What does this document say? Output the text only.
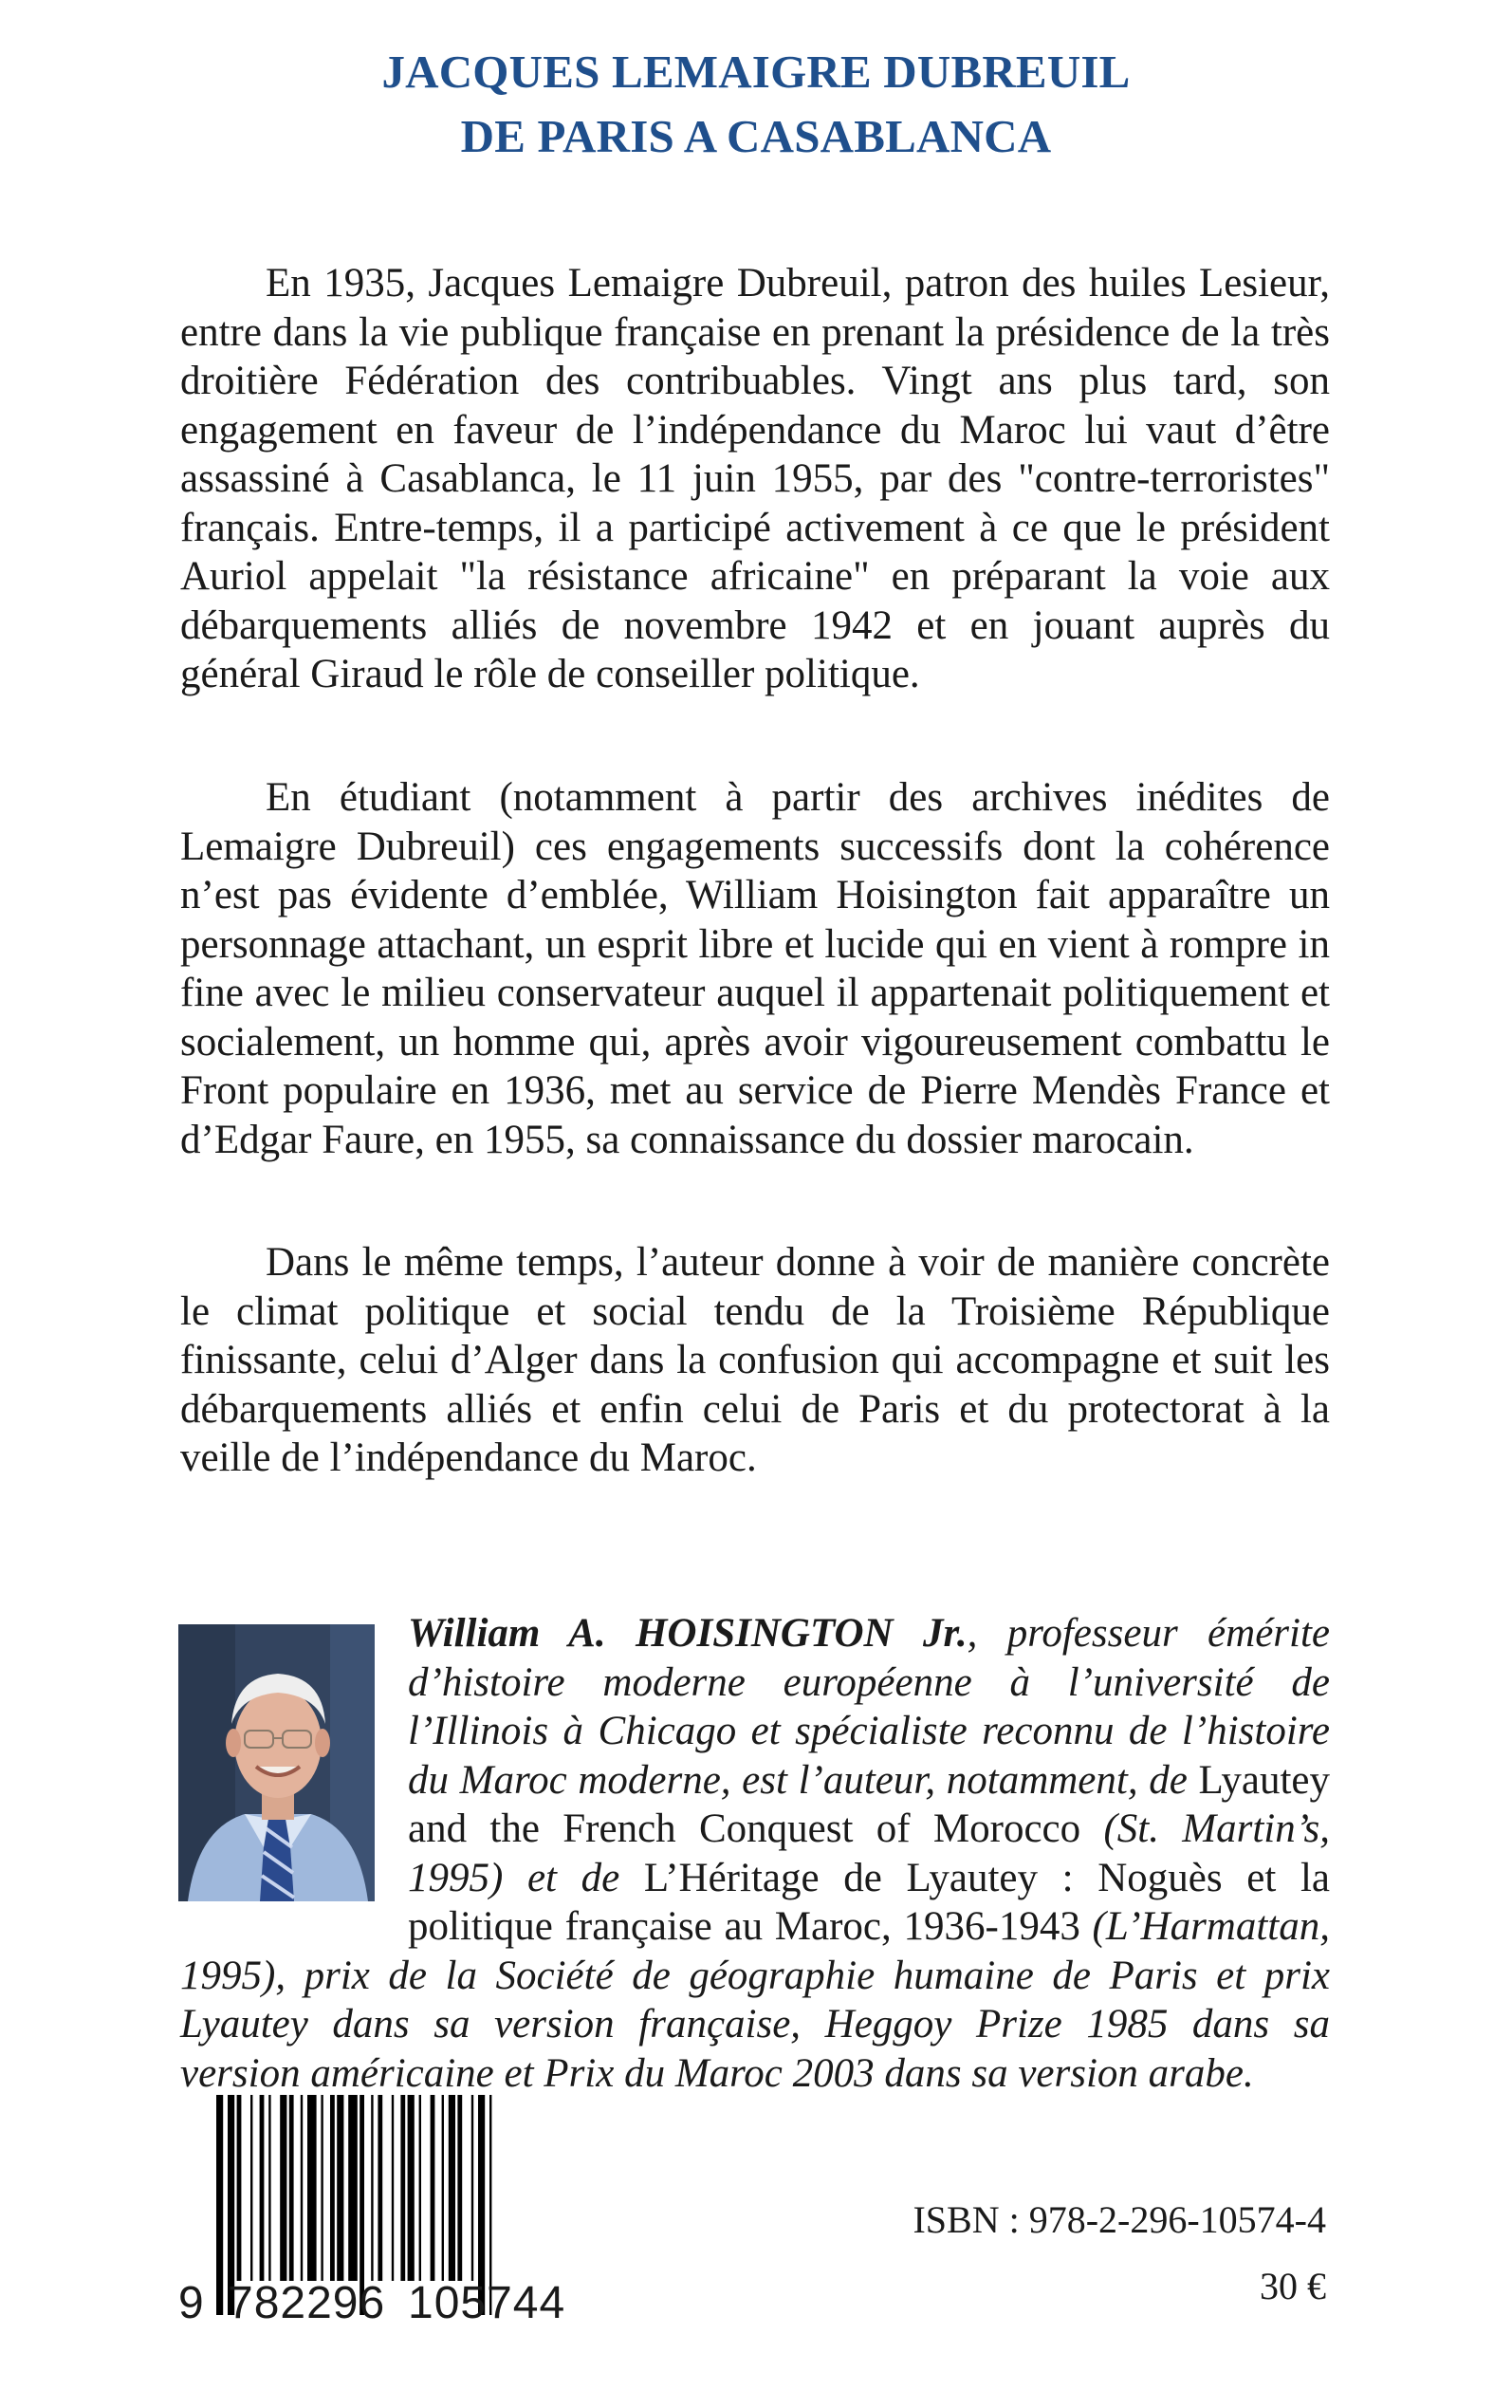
JACQUES LEMAIGRE DUBREUIL
DE PARIS A CASABLANCA

En 1935, Jacques Lemaigre Dubreuil, patron des huiles Lesieur, entre dans la vie publique française en prenant la présidence de la très droitière Fédération des contribuables. Vingt ans plus tard, son engagement en faveur de l’indépendance du Maroc lui vaut d’être assassiné à Casablanca, le 11 juin 1955, par des "contre-terroristes" français. Entre-temps, il a participé activement à ce que le président Auriol appelait "la résistance africaine" en préparant la voie aux débarquements alliés de novembre 1942 et en jouant auprès du général Giraud le rôle de conseiller politique.

En étudiant (notamment à partir des archives inédites de Lemaigre Dubreuil) ces engagements successifs dont la cohérence n’est pas évidente d’emblée, William Hoisington fait apparaître un personnage attachant, un esprit libre et lucide qui en vient à rompre in fine avec le milieu conservateur auquel il appartenait politiquement et socialement, un homme qui, après avoir vigoureusement combattu le Front populaire en 1936, met au service de Pierre Mendès France et d’Edgar Faure, en 1955, sa connaissance du dossier marocain.

Dans le même temps, l’auteur donne à voir de manière concrète le climat politique et social tendu de la Troisième République finissante, celui d’Alger dans la confusion qui accompagne et suit les débarquements alliés et enfin celui de Paris et du protectorat à la veille de l’indépendance du Maroc.

William A. HOISINGTON Jr., professeur émérite d’histoire moderne européenne à l’université de l’Illinois à Chicago et spécialiste reconnu de l’histoire du Maroc moderne, est l’auteur, notamment, de Lyautey and the French Conquest of Morocco (St. Martin’s, 1995) et de L’Héritage de Lyautey : Noguès et la politique française au Maroc, 1936-1943 (L’Harmattan, 1995), prix de la Société de géographie humaine de Paris et prix Lyautey dans sa version française, Heggoy Prize 1985 dans sa version américaine et Prix du Maroc 2003 dans sa version arabe.

9 782296 105744
ISBN : 978-2-296-10574-4
30 €
